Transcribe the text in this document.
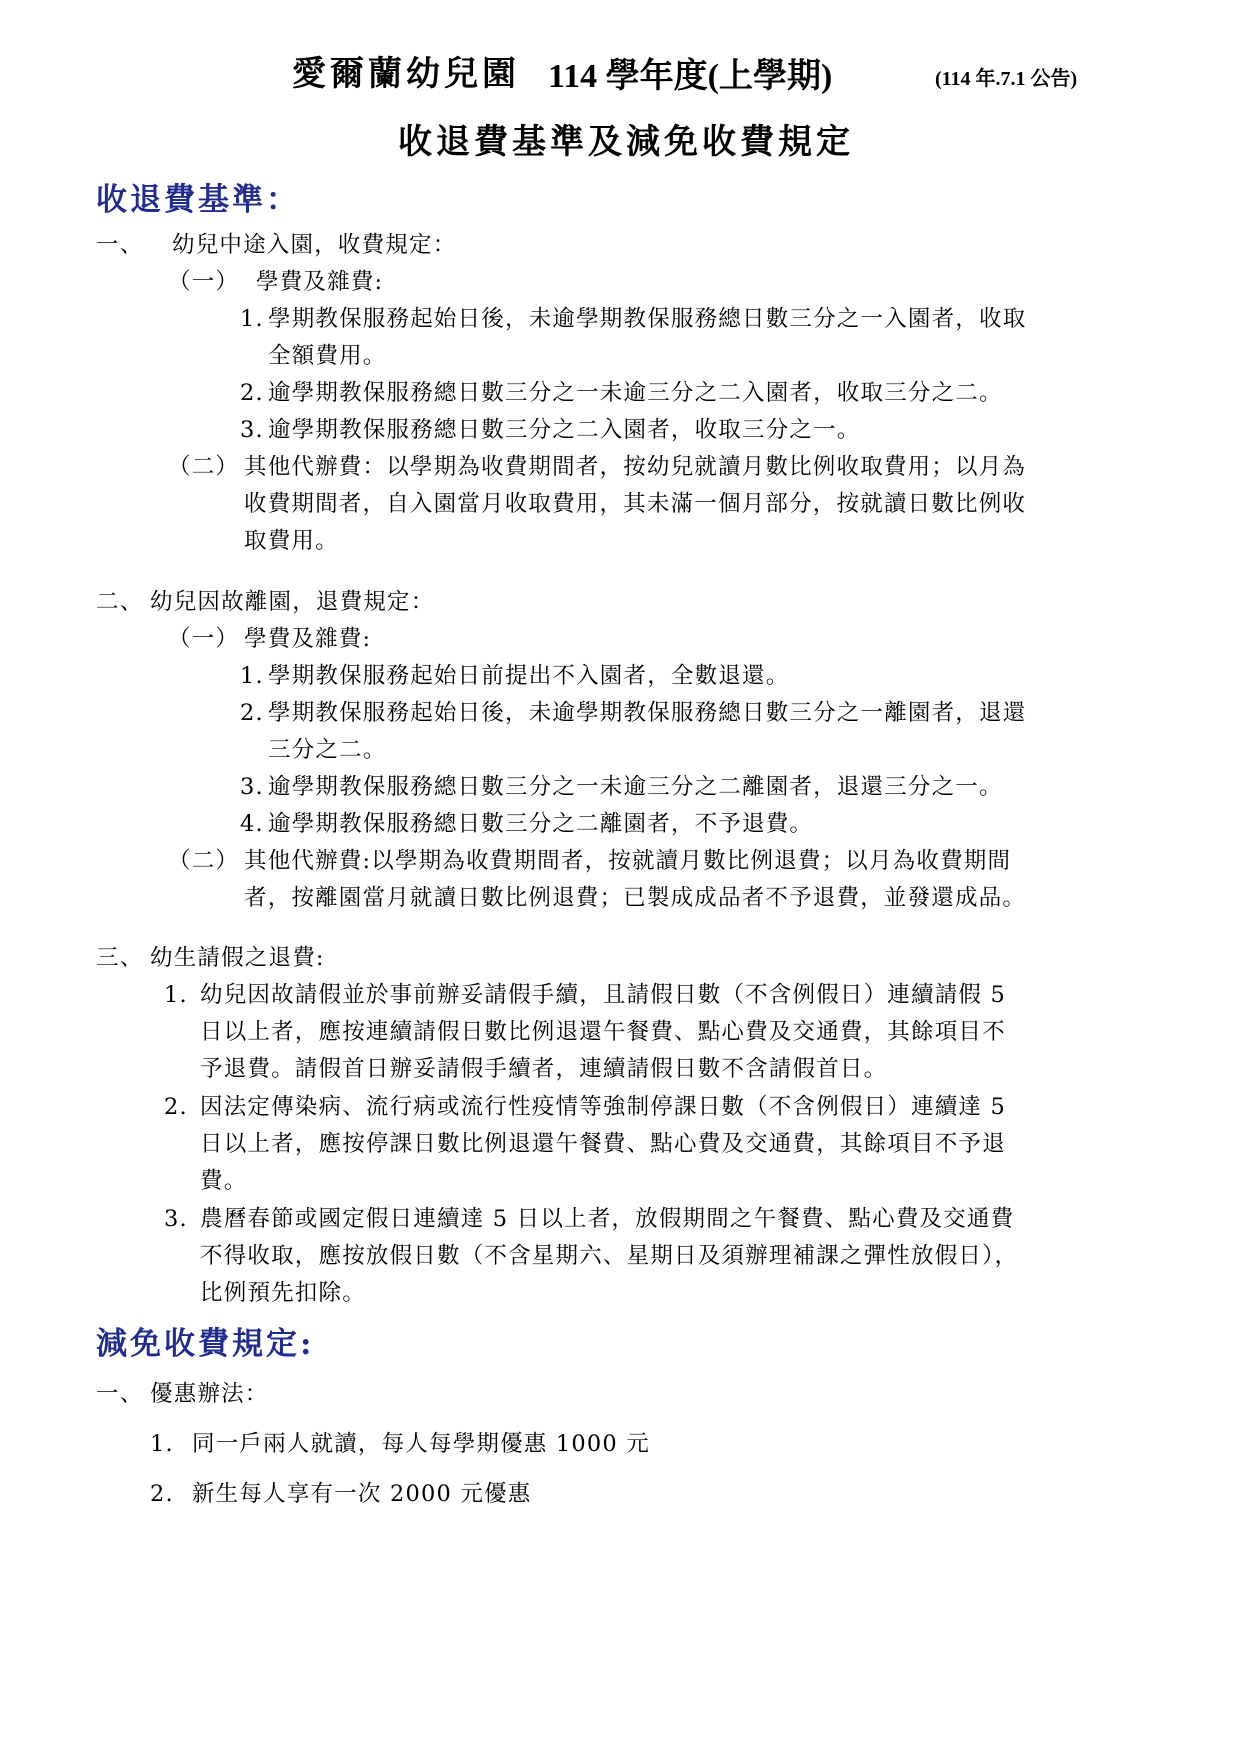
愛爾蘭幼兒園 114 學年度(上學期)	(114 年.7.1 公告)
收退費基準及減免收費規定
收退費基準：
一、 幼兒中途入園，收費規定：
（一） 學費及雜費:
1. 學期教保服務起始日後，未逾學期教保服務總日數三分之一入園者，收取
全額費用。
2. 逾學期教保服務總日數三分之一未逾三分之二入園者，收取三分之二。
3. 逾學期教保服務總日數三分之二入園者，收取三分之一。
（二） 其他代辦費：以學期為收費期間者，按幼兒就讀月數比例收取費用；以月為
收費期間者，自入園當月收取費用，其未滿一個月部分，按就讀日數比例收
取費用。
二、 幼兒因故離園，退費規定：
（一） 學費及雜費:
1. 學期教保服務起始日前提出不入園者，全數退還。
2. 學期教保服務起始日後，未逾學期教保服務總日數三分之一離園者，退還
三分之二。
3. 逾學期教保服務總日數三分之一未逾三分之二離園者，退還三分之一。
4. 逾學期教保服務總日數三分之二離園者，不予退費。
（二） 其他代辦費:以學期為收費期間者，按就讀月數比例退費；以月為收費期間
者，按離園當月就讀日數比例退費；已製成成品者不予退費，並發還成品。
三、 幼生請假之退費:
1. 幼兒因故請假並於事前辦妥請假手續，且請假日數（不含例假日）連續請假 5
日以上者，應按連續請假日數比例退還午餐費、點心費及交通費，其餘項目不
予退費。請假首日辦妥請假手續者，連續請假日數不含請假首日。
2. 因法定傳染病、流行病或流行性疫情等強制停課日數（不含例假日）連續達 5
日以上者，應按停課日數比例退還午餐費、點心費及交通費，其餘項目不予退
費。
3. 農曆春節或國定假日連續達 5 日以上者，放假期間之午餐費、點心費及交通費
不得收取，應按放假日數（不含星期六、星期日及須辦理補課之彈性放假日），
比例預先扣除。
減免收費規定:
一、 優惠辦法：
1. 同一戶兩人就讀，每人每學期優惠 1000 元
2. 新生每人享有一次 2000 元優惠
